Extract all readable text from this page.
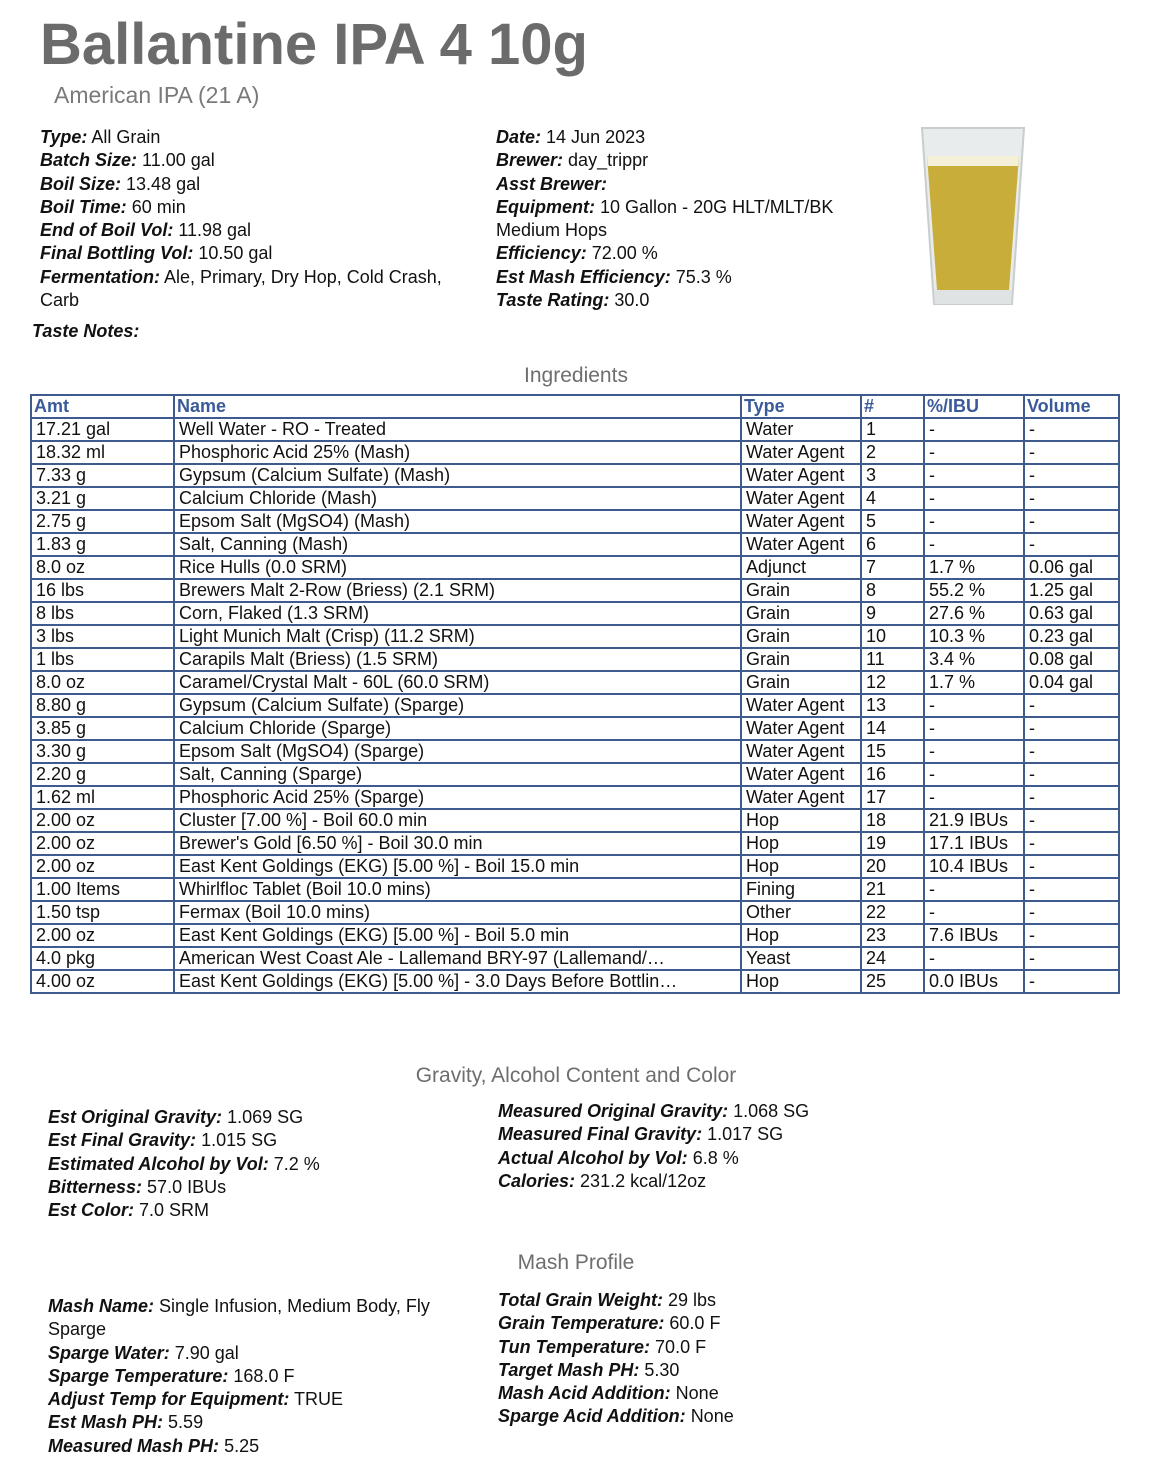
Ballantine IPA 4 10g
American IPA (21 A)
Type: All Grain
Batch Size: 11.00 gal
Boil Size: 13.48 gal
Boil Time: 60 min
End of Boil Vol: 11.98 gal
Final Bottling Vol: 10.50 gal
Fermentation: Ale, Primary, Dry Hop, Cold Crash, Carb
Date: 14 Jun 2023
Brewer: day_trippr
Asst Brewer:
Equipment: 10 Gallon - 20G HLT/MLT/BK Medium Hops
Efficiency: 72.00 %
Est Mash Efficiency: 75.3 %
Taste Rating: 30.0
Taste Notes:
Ingredients
Amt	Name	Type	#	%/IBU	Volume
17.21 gal	Well Water - RO - Treated	Water	1	-	-
18.32 ml	Phosphoric Acid 25% (Mash)	Water Agent	2	-	-
7.33 g	Gypsum (Calcium Sulfate) (Mash)	Water Agent	3	-	-
3.21 g	Calcium Chloride (Mash)	Water Agent	4	-	-
2.75 g	Epsom Salt (MgSO4) (Mash)	Water Agent	5	-	-
1.83 g	Salt, Canning (Mash)	Water Agent	6	-	-
8.0 oz	Rice Hulls (0.0 SRM)	Adjunct	7	1.7 %	0.06 gal
16 lbs	Brewers Malt 2-Row (Briess) (2.1 SRM)	Grain	8	55.2 %	1.25 gal
8 lbs	Corn, Flaked (1.3 SRM)	Grain	9	27.6 %	0.63 gal
3 lbs	Light Munich Malt (Crisp) (11.2 SRM)	Grain	10	10.3 %	0.23 gal
1 lbs	Carapils Malt (Briess) (1.5 SRM)	Grain	11	3.4 %	0.08 gal
8.0 oz	Caramel/Crystal Malt - 60L (60.0 SRM)	Grain	12	1.7 %	0.04 gal
8.80 g	Gypsum (Calcium Sulfate) (Sparge)	Water Agent	13	-	-
3.85 g	Calcium Chloride (Sparge)	Water Agent	14	-	-
3.30 g	Epsom Salt (MgSO4) (Sparge)	Water Agent	15	-	-
2.20 g	Salt, Canning (Sparge)	Water Agent	16	-	-
1.62 ml	Phosphoric Acid 25% (Sparge)	Water Agent	17	-	-
2.00 oz	Cluster [7.00 %] - Boil 60.0 min	Hop	18	21.9 IBUs	-
2.00 oz	Brewer's Gold [6.50 %] - Boil 30.0 min	Hop	19	17.1 IBUs	-
2.00 oz	East Kent Goldings (EKG) [5.00 %] - Boil 15.0 min	Hop	20	10.4 IBUs	-
1.00 Items	Whirlfloc Tablet (Boil 10.0 mins)	Fining	21	-	-
1.50 tsp	Fermax (Boil 10.0 mins)	Other	22	-	-
2.00 oz	East Kent Goldings (EKG) [5.00 %] - Boil 5.0 min	Hop	23	7.6 IBUs	-
4.0 pkg	American West Coast Ale - Lallemand BRY-97 (Lallemand/…	Yeast	24	-	-
4.00 oz	East Kent Goldings (EKG) [5.00 %] - 3.0 Days Before Bottlin…	Hop	25	0.0 IBUs	-
Gravity, Alcohol Content and Color
Est Original Gravity: 1.069 SG
Est Final Gravity: 1.015 SG
Estimated Alcohol by Vol: 7.2 %
Bitterness: 57.0 IBUs
Est Color: 7.0 SRM
Measured Original Gravity: 1.068 SG
Measured Final Gravity: 1.017 SG
Actual Alcohol by Vol: 6.8 %
Calories: 231.2 kcal/12oz
Mash Profile
Mash Name: Single Infusion, Medium Body, Fly Sparge
Sparge Water: 7.90 gal
Sparge Temperature: 168.0 F
Adjust Temp for Equipment: TRUE
Est Mash PH: 5.59
Measured Mash PH: 5.25
Total Grain Weight: 29 lbs
Grain Temperature: 60.0 F
Tun Temperature: 70.0 F
Target Mash PH: 5.30
Mash Acid Addition: None
Sparge Acid Addition: None
